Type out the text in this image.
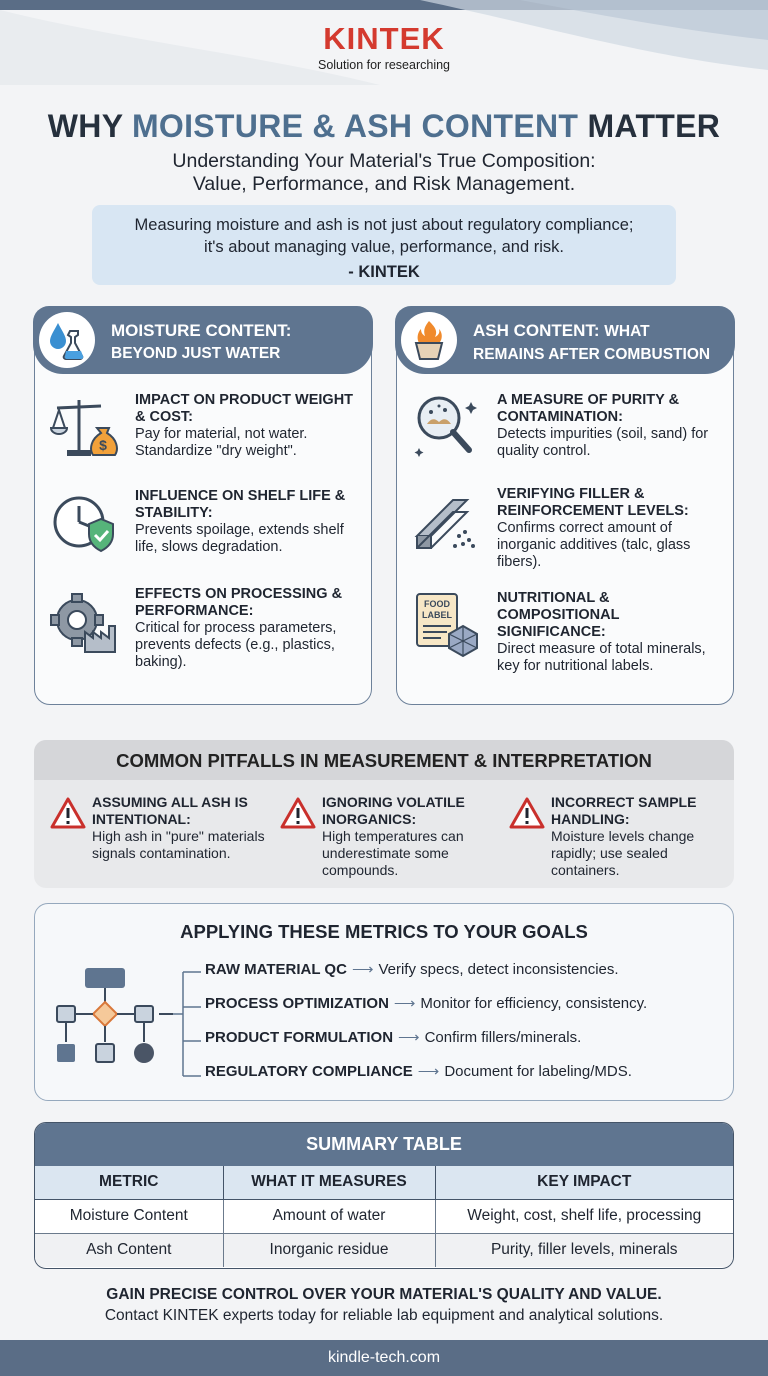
KINTEK
Solution for researching
WHY MOISTURE & ASH CONTENT MATTER
Understanding Your Material's True Composition:
Value, Performance, and Risk Management.
Measuring moisture and ash is not just about regulatory compliance;
it's about managing value, performance, and risk.
- KINTEK
MOISTURE CONTENT:
BEYOND JUST WATER
$
IMPACT ON PRODUCT WEIGHT & COST:
Pay for material, not water. Standardize "dry weight".
INFLUENCE ON SHELF LIFE & STABILITY:
Prevents spoilage, extends shelf life, slows degradation.
EFFECTS ON PROCESSING & PERFORMANCE:
Critical for process parameters, prevents defects (e.g., plastics, baking).
ASH CONTENT: WHAT
REMAINS AFTER COMBUSTION
A MEASURE OF PURITY & CONTAMINATION:
Detects impurities (soil, sand) for quality control.
VERIFYING FILLER & REINFORCEMENT LEVELS:
Confirms correct amount of inorganic additives (talc, glass fibers).
FOOD
LABEL
NUTRITIONAL & COMPOSITIONAL SIGNIFICANCE:
Direct measure of total minerals, key for nutritional labels.
COMMON PITFALLS IN MEASUREMENT & INTERPRETATION
ASSUMING ALL ASH IS INTENTIONAL:
High ash in "pure" materials signals contamination.
IGNORING VOLATILE INORGANICS:
High temperatures can underestimate some compounds.
INCORRECT SAMPLE HANDLING:
Moisture levels change rapidly; use sealed containers.
APPLYING THESE METRICS TO YOUR GOALS
RAW MATERIAL QC ⟶ Verify specs, detect inconsistencies.
PROCESS OPTIMIZATION ⟶ Monitor for efficiency, consistency.
PRODUCT FORMULATION ⟶ Confirm fillers/minerals.
REGULATORY COMPLIANCE ⟶ Document for labeling/MDS.
SUMMARY TABLE
METRIC	WHAT IT MEASURES	KEY IMPACT
Moisture Content	Amount of water	Weight, cost, shelf life, processing
Ash Content	Inorganic residue	Purity, filler levels, minerals
GAIN PRECISE CONTROL OVER YOUR MATERIAL'S QUALITY AND VALUE.
Contact KINTEK experts today for reliable lab equipment and analytical solutions.
kindle-tech.com
